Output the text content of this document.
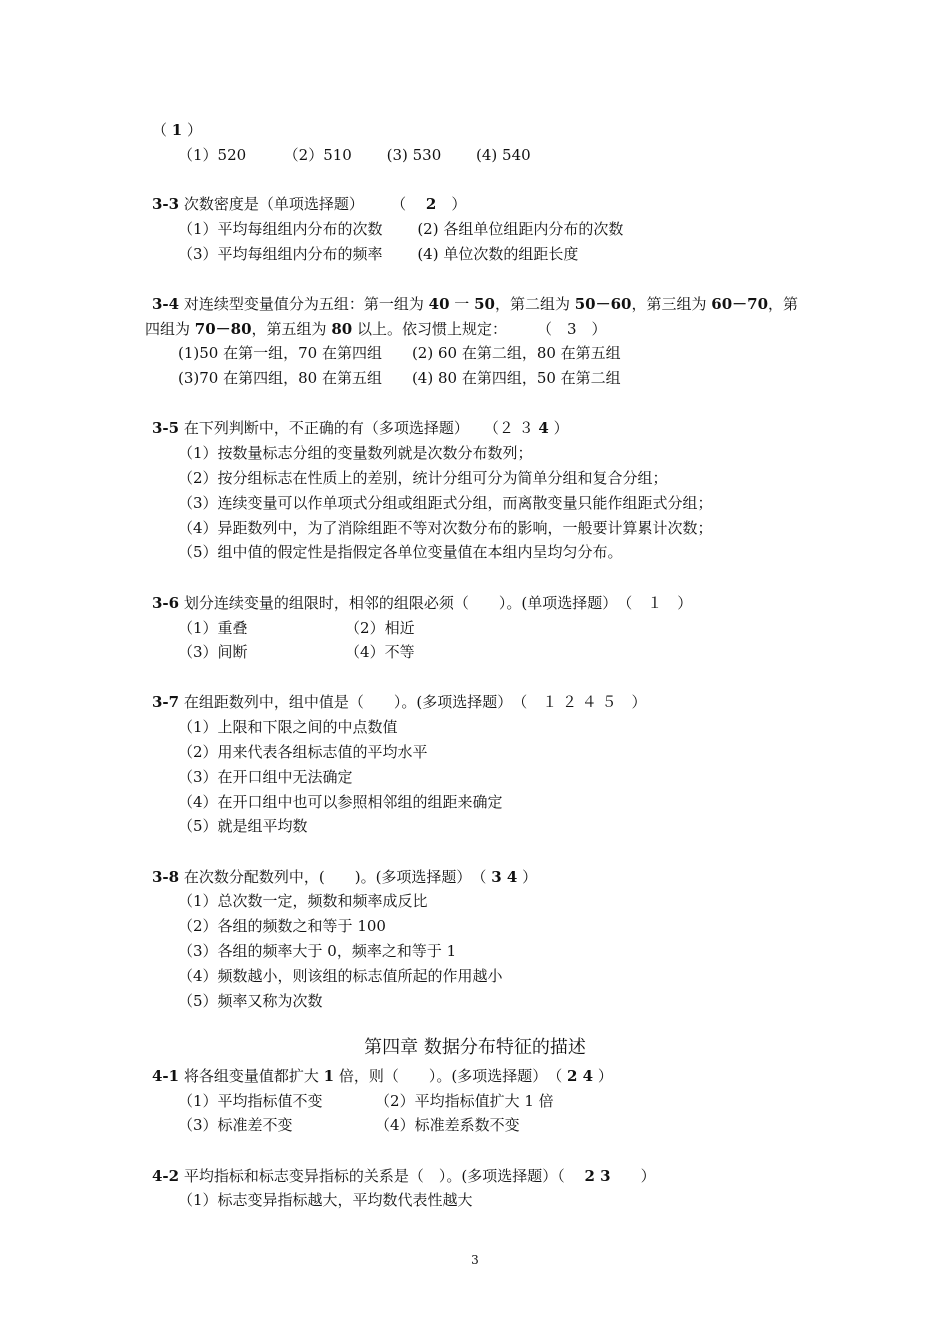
（ 1 ）
（1）520　　　（2）510　　 (3) 530　　 (4) 540
3-3 次数密度是（单项选择题）　　 （　 2　）
（1）平均每组组内分布的次数　　 (2) 各组单位组距内分布的次数
（3）平均每组组内分布的频率　　 (4) 单位次数的组距长度
3-4 对连续型变量值分为五组：第一组为 40 一 50，第二组为 50－60，第三组为 60－70，第
四组为 70－80，第五组为 80 以上。依习惯上规定：　　　（　3　）
(1)50 在第一组，70 在第四组　　(2) 60 在第二组，80 在第五组
(3)70 在第四组，80 在第五组　　(4) 80 在第四组，50 在第二组
3-5 在下列判断中，不正确的有（多项选择题）　　（２ ３ 4 ）
（1）按数量标志分组的变量数列就是次数分布数列；
（2）按分组标志在性质上的差别，统计分组可分为简单分组和复合分组；
（3）连续变量可以作单项式分组或组距式分组，而离散变量只能作组距式分组；
（4）异距数列中，为了消除组距不等对次数分布的影响，一般要计算累计次数；
（5）组中值的假定性是指假定各单位变量值在本组内呈均匀分布。
3-6 划分连续变量的组限时，相邻的组限必须（　　）。(单项选择题）　（　１　）
（1）重叠　　　　　　　（2）相近
（3）间断　　　　　　　（4）不等
3-7 在组距数列中，组中值是（　　）。(多项选择题）　（　１ ２ ４ ５　）
（1）上限和下限之间的中点数值
（2）用来代表各组标志值的平均水平
（3）在开口组中无法确定
（4）在开口组中也可以参照相邻组的组距来确定
（5）就是组平均数
3-8 在次数分配数列中，(　　)。(多项选择题）　（ 3 4 ）
（1）总次数一定，频数和频率成反比
（2）各组的频数之和等于 100
（3）各组的频率大于 0，频率之和等于 1
（4）频数越小，则该组的标志值所起的作用越小
（5）频率又称为次数
第四章 数据分布特征的描述
4-1 将各组变量值都扩大 1 倍，则（　　）。(多项选择题）　（ 2 4 ）
（1）平均指标值不变　　　　（2）平均指标值扩大 1 倍
（3）标准差不变　　　　　　（4）标准差系数不变
4-2 平均指标和标志变异指标的关系是（　）。(多项选择题）（　 2 3　　）
（1）标志变异指标越大，平均数代表性越大
3
